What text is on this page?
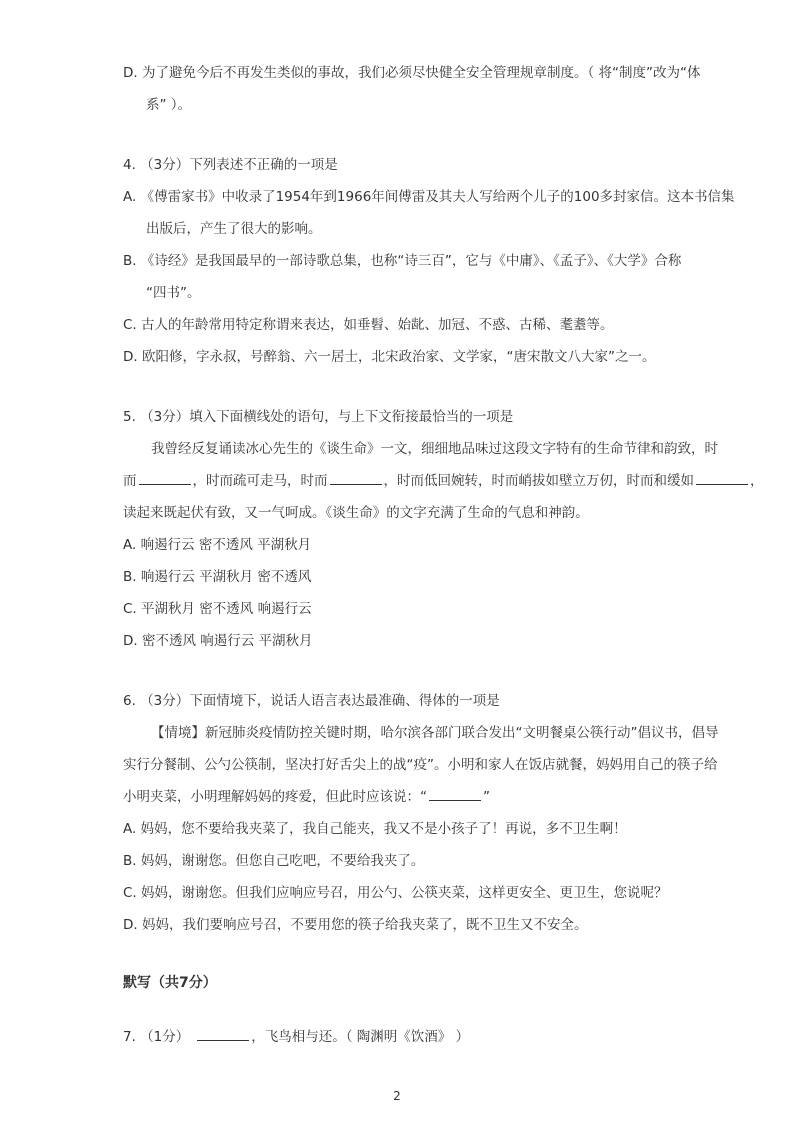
D. 为了避免今后不再发生类似的事故，我们必须尽快健全安全管理规章制度。（ 将“制度”改为“体
系” ）。
4. （3分）下列表述不正确的一项是
A. 《傅雷家书》中收录了1954年到1966年间傅雷及其夫人写给两个儿子的100多封家信。这本书信集
出版后，产生了很大的影响。
B. 《诗经》是我国最早的一部诗歌总集，也称“诗三百”，它与《中庸》、《孟子》、《大学》合称
“四书”。
C. 古人的年龄常用特定称谓来表达，如垂髫、始龀、加冠、不惑、古稀、耄耋等。
D. 欧阳修，字永叔，号醉翁、六一居士，北宋政治家、文学家，“唐宋散文八大家”之一。
5. （3分）填入下面横线处的语句，与上下文衔接最恰当的一项是
我曾经反复诵读冰心先生的《谈生命》一文，细细地品味过这段文字特有的生命节律和韵致，时
而	，时而疏可走马，时而	，时而低回婉转，时而峭拔如壁立万仞，时而和缓如	，
读起来既起伏有致，又一气呵成。《谈生命》的文字充满了生命的气息和神韵。
A. 响遏行云 密不透风 平湖秋月
B. 响遏行云 平湖秋月 密不透风
C. 平湖秋月 密不透风 响遏行云
D. 密不透风 响遏行云 平湖秋月
6. （3分）下面情境下，说话人语言表达最准确、得体的一项是
【情境】新冠肺炎疫情防控关键时期，哈尔滨各部门联合发出“文明餐桌公筷行动”倡议书，倡导
实行分餐制、公勺公筷制，坚决打好舌尖上的战“疫”。小明和家人在饭店就餐，妈妈用自己的筷子给
小明夹菜，小明理解妈妈的疼爱，但此时应该说：“	”
A. 妈妈，您不要给我夹菜了，我自己能夹，我又不是小孩子了！再说，多不卫生啊！
B. 妈妈，谢谢您。但您自己吃吧，不要给我夹了。
C. 妈妈，谢谢您。但我们应响应号召，用公勺、公筷夹菜，这样更安全、更卫生，您说呢？
D. 妈妈，我们要响应号召，不要用您的筷子给我夹菜了，既不卫生又不安全。
默写（共7分）
7. （1分）	，飞鸟相与还。（ 陶渊明《饮酒》 ）
2
